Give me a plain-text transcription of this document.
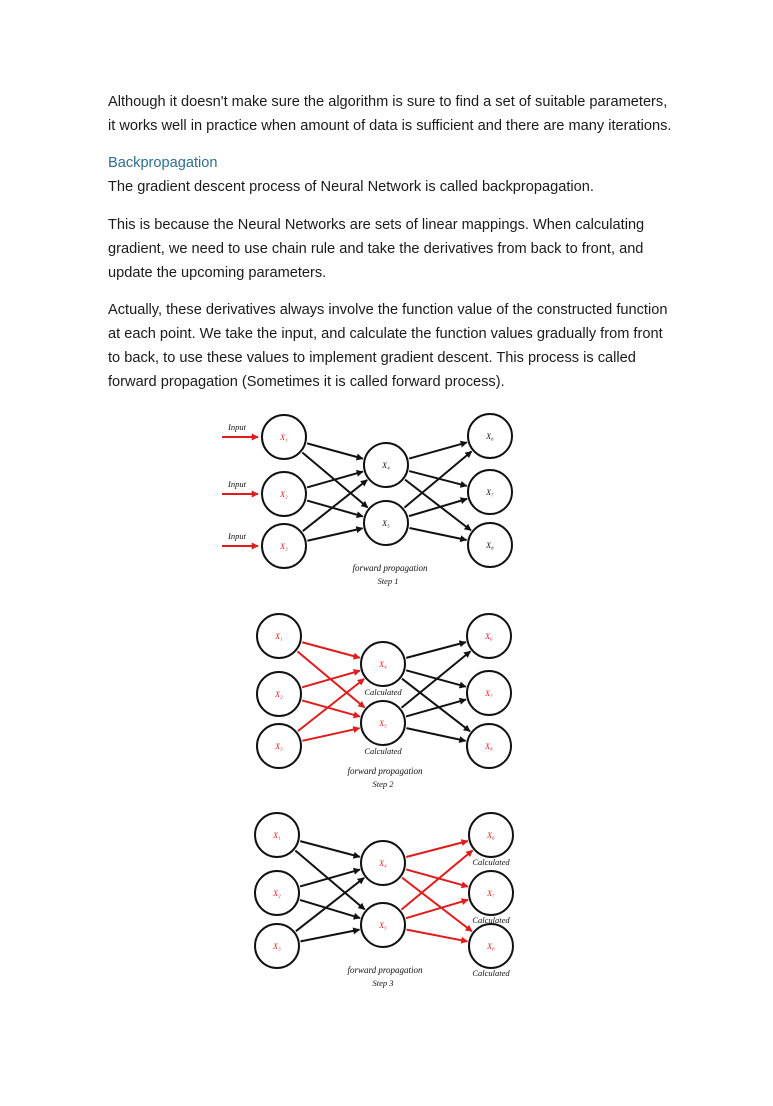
Although it doesn't make sure the algorithm is sure to find a set of suitable parameters, it works well in practice when amount of data is sufficient and there are many iterations.

Backpropagation

The gradient descent process of Neural Network is called backpropagation.

This is because the Neural Networks are sets of linear mappings. When calculating gradient, we need to use chain rule and take the derivatives from back to front, and update the upcoming parameters.

Actually, these derivatives always involve the function value of the constructed function at each point. We take the input, and calculate the function values gradually from front to back, to use these values to implement gradient descent. This process is called forward propagation (Sometimes it is called forward process).

X₁
X₂
X₃
X₄
X₅
X₆
X₇
X₈
Input
Input
Input
forward propagation
Step 1
X₁
X₂
X₃
X₄
X₅
X₆
X₇
X₈
Calculated
Calculated
forward propagation
Step 2
X₁
X₂
X₃
X₄
X₅
X₆
X₇
X₈
Calculated
Calculated
Calculated
forward propagation
Step 3
